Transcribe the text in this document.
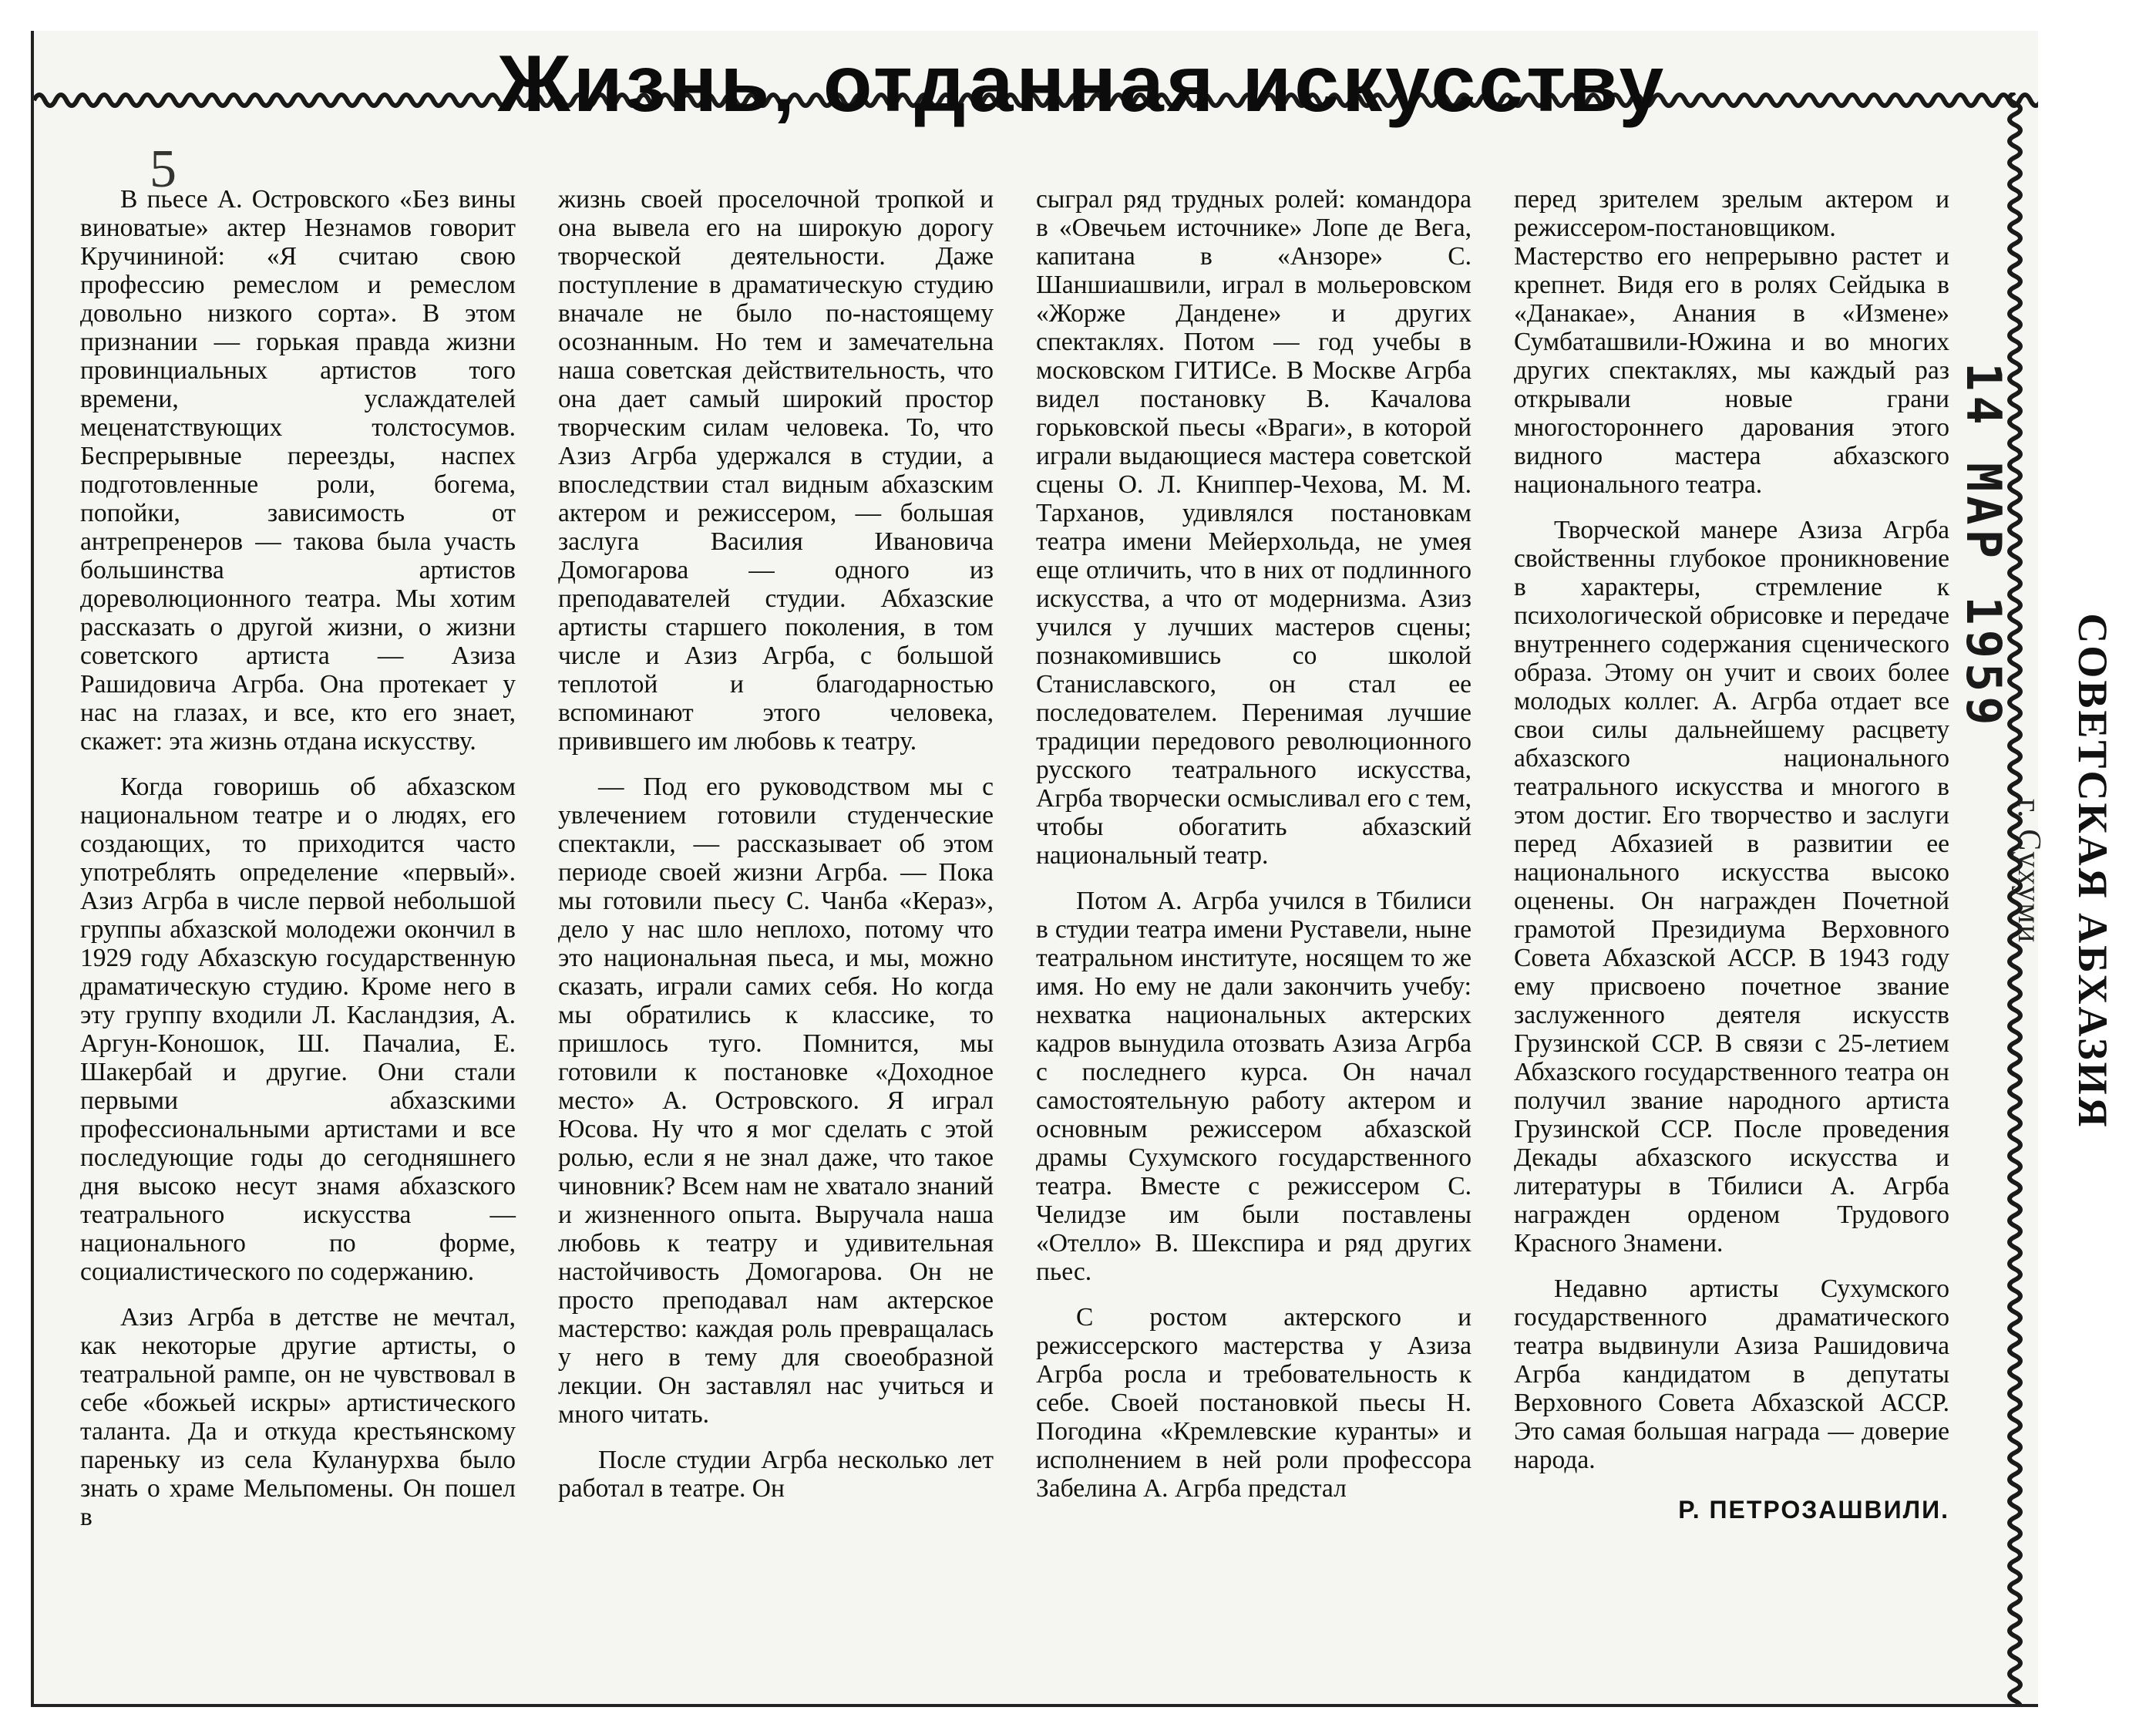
Жизнь, отданная искусству
5

В пьесе А. Островского «Без вины виноватые» актер Незнамов говорит Кручининой: «Я считаю свою профессию ремеслом и ремеслом довольно низкого сорта». В этом признании — горькая правда жизни провинциальных артистов того времени, услаждателей меценатствующих толстосумов. Беспрерывные переезды, наспех подготовленные роли, богема, попойки, зависимость от антрепренеров — такова была участь большинства артистов дореволюционного театра. Мы хотим рассказать о другой жизни, о жизни советского артиста — Азиза Рашидовича Агрба. Она протекает у нас на глазах, и все, кто его знает, скажет: эта жизнь отдана искусству.

Когда говоришь об абхазском национальном театре и о людях, его создающих, то приходится часто употреблять определение «первый». Азиз Агрба в числе первой небольшой группы абхазской молодежи окончил в 1929 году Абхазскую государственную драматическую студию. Кроме него в эту группу входили Л. Касландзия, А. Аргун-Коношок, Ш. Пачалиа, Е. Шакербай и другие. Они стали первыми абхазскими профессиональными артистами и все последующие годы до сегодняшнего дня высоко несут знамя абхазского театрального искусства — национального по форме, социалистического по содержанию.

Азиз Агрба в детстве не мечтал, как некоторые другие артисты, о театральной рампе, он не чувствовал в себе «божьей искры» артистического таланта. Да и откуда крестьянскому пареньку из села Куланурхва было знать о храме Мельпомены. Он пошел в

жизнь своей проселочной тропкой и она вывела его на широкую дорогу творческой деятельности. Даже поступление в драматическую студию вначале не было по-настоящему осознанным. Но тем и замечательна наша советская действительность, что она дает самый широкий простор творческим силам человека. То, что Азиз Агрба удержался в студии, а впоследствии стал видным абхазским актером и режиссером, — большая заслуга Василия Ивановича Домогарова — одного из преподавателей студии. Абхазские артисты старшего поколения, в том числе и Азиз Агрба, с большой теплотой и благодарностью вспоминают этого человека, привившего им любовь к театру.

— Под его руководством мы с увлечением готовили студенческие спектакли, — рассказывает об этом периоде своей жизни Агрба. — Пока мы готовили пьесу С. Чанба «Кераз», дело у нас шло неплохо, потому что это национальная пьеса, и мы, можно сказать, играли самих себя. Но когда мы обратились к классике, то пришлось туго. Помнится, мы готовили к постановке «Доходное место» А. Островского. Я играл Юсова. Ну что я мог сделать с этой ролью, если я не знал даже, что такое чиновник? Всем нам не хватало знаний и жизненного опыта. Выручала наша любовь к театру и удивительная настойчивость Домогарова. Он не просто преподавал нам актерское мастерство: каждая роль превращалась у него в тему для своеобразной лекции. Он заставлял нас учиться и много читать.

После студии Агрба несколько лет работал в театре. Он

сыграл ряд трудных ролей: командора в «Овечьем источнике» Лопе де Вега, капитана в «Анзоре» С. Шаншиашвили, играл в мольеровском «Жорже Дандене» и других спектаклях. Потом — год учебы в московском ГИТИСе. В Москве Агрба видел постановку В. Качалова горьковской пьесы «Враги», в которой играли выдающиеся мастера советской сцены О. Л. Книппер-Чехова, М. М. Тарханов, удивлялся постановкам театра имени Мейерхольда, не умея еще отличить, что в них от подлинного искусства, а что от модернизма. Азиз учился у лучших мастеров сцены; познакомившись со школой Станиславского, он стал ее последователем. Перенимая лучшие традиции передового революционного русского театрального искусства, Агрба творчески осмысливал его с тем, чтобы обогатить абхазский национальный театр.

Потом А. Агрба учился в Тбилиси в студии театра имени Руставели, ныне театральном институте, носящем то же имя. Но ему не дали закончить учебу: нехватка национальных актерских кадров вынудила отозвать Азиза Агрба с последнего курса. Он начал самостоятельную работу актером и основным режиссером абхазской драмы Сухумского государственного театра. Вместе с режиссером С. Челидзе им были поставлены «Отелло» В. Шекспира и ряд других пьес.

С ростом актерского и режиссерского мастерства у Азиза Агрба росла и требовательность к себе. Своей постановкой пьесы Н. Погодина «Кремлевские куранты» и исполнением в ней роли профессора Забелина А. Агрба предстал

перед зрителем зрелым актером и режиссером-постановщиком. Мастерство его непрерывно растет и крепнет. Видя его в ролях Сейдыка в «Данакае», Анания в «Измене» Сумбаташвили-Южина и во многих других спектаклях, мы каждый раз открывали новые грани многостороннего дарования этого видного мастера абхазского национального театра.

Творческой манере Азиза Агрба свойственны глубокое проникновение в характеры, стремление к психологической обрисовке и передаче внутреннего содержания сценического образа. Этому он учит и своих более молодых коллег. А. Агрба отдает все свои силы дальнейшему расцвету абхазского национального театрального искусства и многого в этом достиг. Его творчество и заслуги перед Абхазией в развитии ее национального искусства высоко оценены. Он награжден Почетной грамотой Президиума Верховного Совета Абхазской АССР. В 1943 году ему присвоено почетное звание заслуженного деятеля искусств Грузинской ССР. В связи с 25-летием Абхазского государственного театра он получил звание народного артиста Грузинской ССР. После проведения Декады абхазского искусства и литературы в Тбилиси А. Агрба награжден орденом Трудового Красного Знамени.

Недавно артисты Сухумского государственного драматического театра выдвинули Азиза Рашидовича Агрба кандидатом в депутаты Верховного Совета Абхазской АССР. Это самая большая награда — доверие народа.

Р. ПЕТРОЗАШВИЛИ.

14 МАР 1959
СОВЕТСКАЯ АБХАЗИЯ
г. Сухуми
